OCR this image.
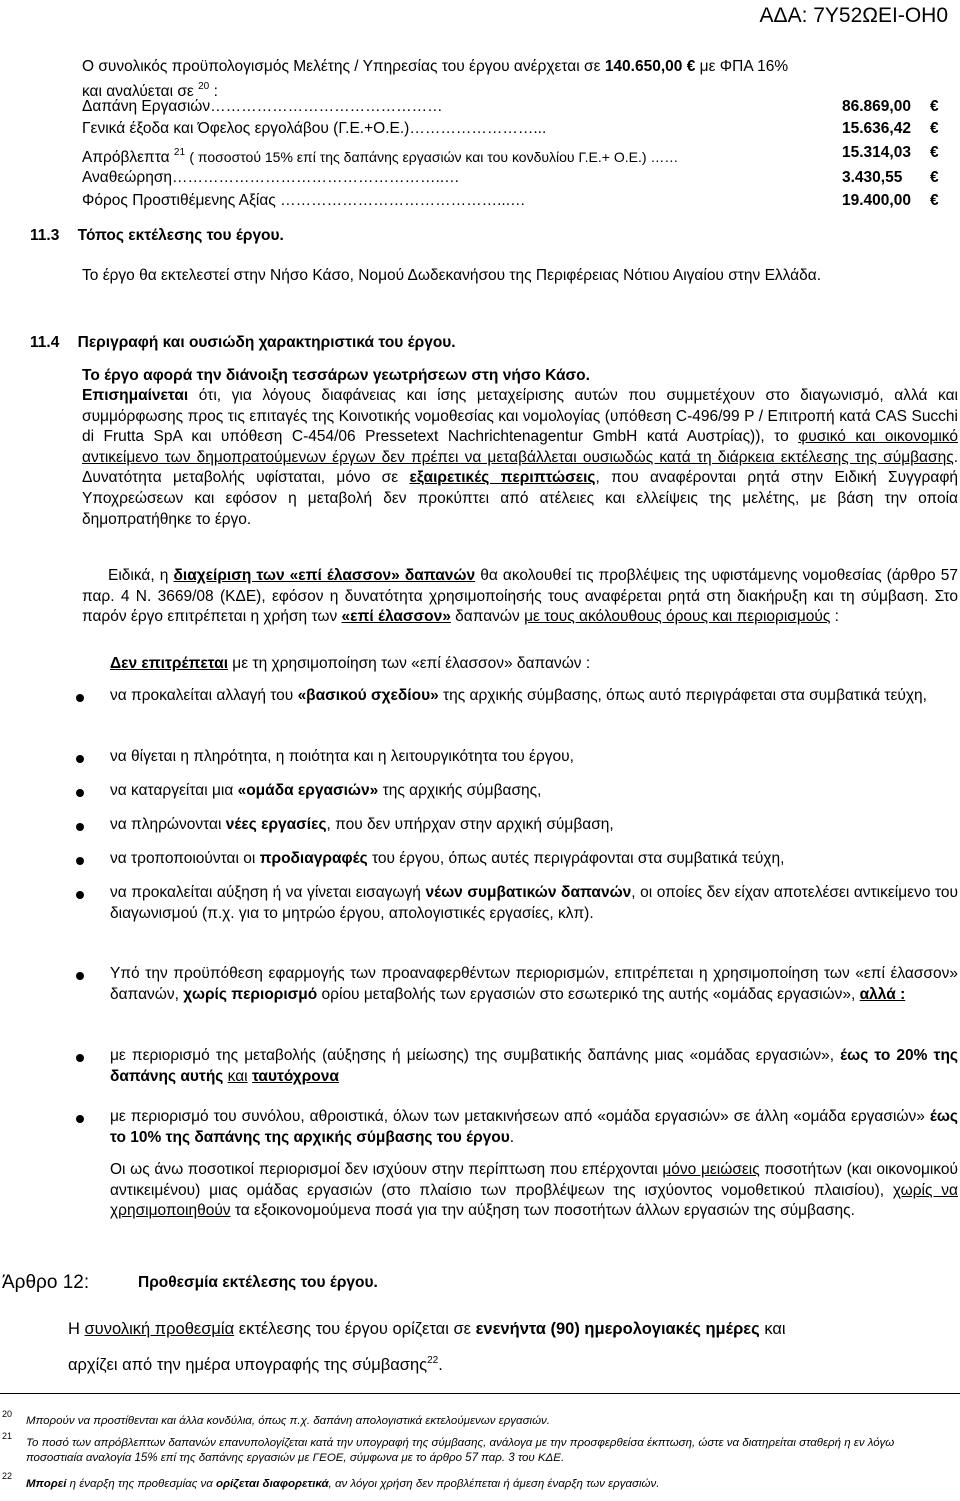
ΑΔΑ: 7Υ52ΩΕΙ-ΟΗ0
Ο συνολικός προϋπολογισμός Μελέτης / Υπηρεσίας του έργου ανέρχεται σε 140.650,00 € με ΦΠΑ 16%
και αναλύεται σε $^{20}$ :
Δαπάνη Εργασιών………………………………………	86.869,00 €
Γενικά έξοδα και Όφελος εργολάβου (Γ.Ε.+Ο.Ε.)……………………...	15.636,42 €
Απρόβλεπτα $^{21}$ ( ποσοστού 15% επί της δαπάνης εργασιών και του κονδυλίου Γ.Ε.+ Ο.Ε.) ……	15.314,03 €
Αναθεώρηση……………………………………………..…	3.430,55 €
Φόρος Προστιθέμενης Αξίας ……………………………………...…	19.400,00 €
11.3 Τόπος εκτέλεσης του έργου.
Το έργο θα εκτελεστεί στην Νήσο Κάσο, Νομού Δωδεκανήσου της Περιφέρειας Νότιου Αιγαίου στην Ελλάδα.
11.4 Περιγραφή και ουσιώδη χαρακτηριστικά του έργου.
Το έργο αφορά την διάνοιξη τεσσάρων γεωτρήσεων στη νήσο Κάσο.
Επισημαίνεται ότι, για λόγους διαφάνειας και ίσης μεταχείρισης αυτών που συμμετέχουν στο διαγωνισμό, αλλά και συμμόρφωσης προς τις επιταγές της Κοινοτικής νομοθεσίας και νομολογίας (υπόθεση C-496/99 P / Επιτροπή κατά CAS Succhi di Frutta SpA και υπόθεση C-454/06 Pressetext Nachrichtenagentur GmbH κατά Αυστρίας)), το φυσικό και οικονομικό αντικείμενο των δημοπρατούμενων έργων δεν πρέπει να μεταβάλλεται ουσιωδώς κατά τη διάρκεια εκτέλεσης της σύμβασης. Δυνατότητα μεταβολής υφίσταται, μόνο σε εξαιρετικές περιπτώσεις, που αναφέρονται ρητά στην Ειδική Συγγραφή Υποχρεώσεων και εφόσον η μεταβολή δεν προκύπτει από ατέλειες και ελλείψεις της μελέτης, με βάση την οποία δημοπρατήθηκε το έργο.
Ειδικά, η διαχείριση των «επί έλασσον» δαπανών θα ακολουθεί τις προβλέψεις της υφιστάμενης νομοθεσίας (άρθρο 57 παρ. 4 Ν. 3669/08 (ΚΔΕ), εφόσον η δυνατότητα χρησιμοποίησής τους αναφέρεται ρητά στη διακήρυξη και τη σύμβαση. Στο παρόν έργο επιτρέπεται η χρήση των «επί έλασσον» δαπανών με τους ακόλουθους όρους και περιορισμούς :
Δεν επιτρέπεται με τη χρησιμοποίηση των «επί έλασσον» δαπανών :
να προκαλείται αλλαγή του «βασικού σχεδίου» της αρχικής σύμβασης, όπως αυτό περιγράφεται στα συμβατικά τεύχη,
να θίγεται η πληρότητα, η ποιότητα και η λειτουργικότητα του έργου,
να καταργείται μια «ομάδα εργασιών» της αρχικής σύμβασης,
να πληρώνονται νέες εργασίες, που δεν υπήρχαν στην αρχική σύμβαση,
να τροποποιούνται οι προδιαγραφές του έργου, όπως αυτές περιγράφονται στα συμβατικά τεύχη,
να προκαλείται αύξηση ή να γίνεται εισαγωγή νέων συμβατικών δαπανών, οι οποίες δεν είχαν αποτελέσει αντικείμενο του διαγωνισμού (π.χ. για το μητρώο έργου, απολογιστικές εργασίες, κλπ).
Υπό την προϋπόθεση εφαρμογής των προαναφερθέντων περιορισμών, επιτρέπεται η χρησιμοποίηση των «επί έλασσον» δαπανών, χωρίς περιορισμό ορίου μεταβολής των εργασιών στο εσωτερικό της αυτής «ομάδας εργασιών», αλλά :
με περιορισμό της μεταβολής (αύξησης ή μείωσης) της συμβατικής δαπάνης μιας «ομάδας εργασιών», έως το 20% της δαπάνης αυτής και ταυτόχρονα
με περιορισμό του συνόλου, αθροιστικά, όλων των μετακινήσεων από «ομάδα εργασιών» σε άλλη «ομάδα εργασιών» έως το 10% της δαπάνης της αρχικής σύμβασης του έργου.
Οι ως άνω ποσοτικοί περιορισμοί δεν ισχύουν στην περίπτωση που επέρχονται μόνο μειώσεις ποσοτήτων (και οικονομικού αντικειμένου) μιας ομάδας εργασιών (στο πλαίσιο των προβλέψεων της ισχύοντος νομοθετικού πλαισίου), χωρίς να χρησιμοποιηθούν τα εξοικονομούμενα ποσά για την αύξηση των ποσοτήτων άλλων εργασιών της σύμβασης.
Άρθρο 12:	Προθεσμία εκτέλεσης του έργου.
Η συνολική προθεσμία εκτέλεσης του έργου ορίζεται σε ενενήντα (90) ημερολογιακές ημέρες και
αρχίζει από την ημέρα υπογραφής της σύμβασης$^{22}$.
20
Μπορούν να προστίθενται και άλλα κονδύλια, όπως π.χ. δαπάνη απολογιστικά εκτελούμενων εργασιών.
21
Το ποσό των απρόβλεπτων δαπανών επανυπολογίζεται κατά την υπογραφή της σύμβασης, ανάλογα με την προσφερθείσα έκπτωση, ώστε να διατηρείται σταθερή η εν λόγω ποσοστιαία αναλογία 15% επί της δαπάνης εργασιών με ΓΕΟΕ, σύμφωνα με το άρθρο 57 παρ. 3 του ΚΔΕ.
22
Μπορεί η έναρξη της προθεσμίας να ορίζεται διαφορετικά, αν λόγοι χρήση δεν προβλέπεται ή άμεση έναρξη των εργασιών.
